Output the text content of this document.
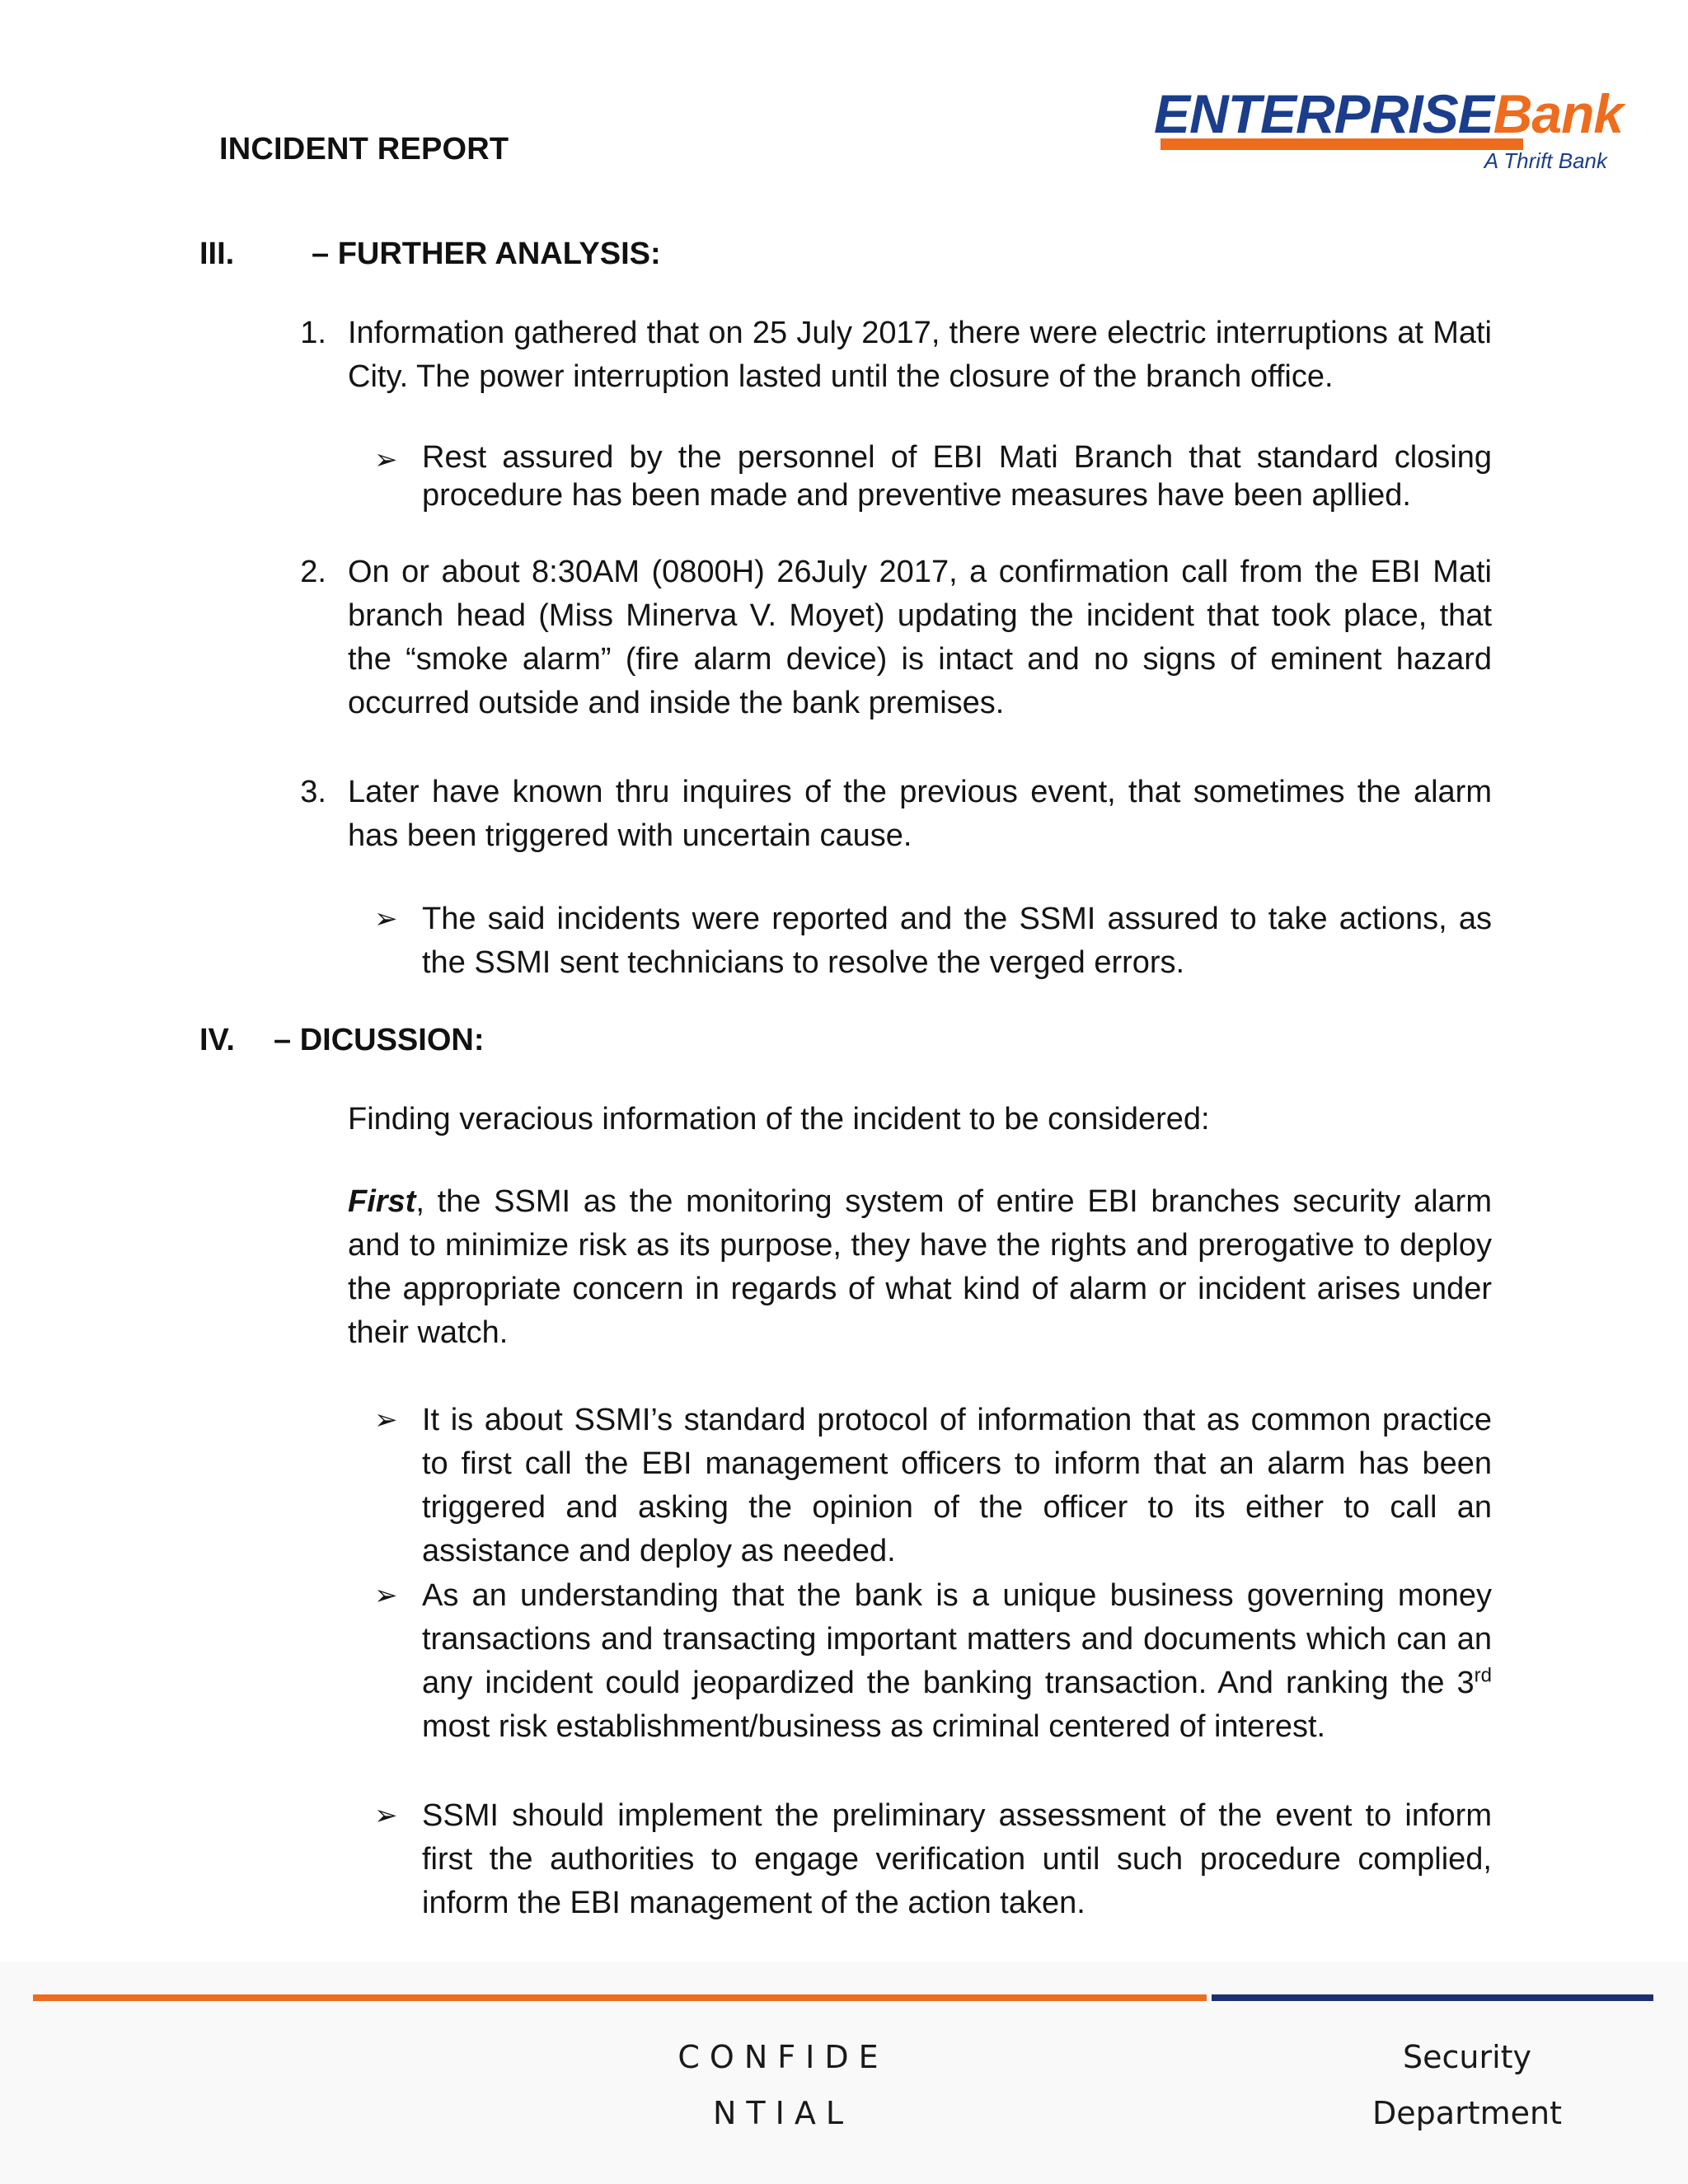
INCIDENT REPORT
ENTERPRISEBank
A Thrift Bank
III. – FURTHER ANALYSIS:
1. Information gathered that on 25 July 2017, there were electric interruptions at Mati City. The power interruption lasted until the closure of the branch office.
➢ Rest assured by the personnel of EBI Mati Branch that standard closing procedure has been made and preventive measures have been apllied.
2. On or about 8:30AM (0800H) 26July 2017, a confirmation call from the EBI Mati branch head (Miss Minerva V. Moyet) updating the incident that took place, that the “smoke alarm” (fire alarm device) is intact and no signs of eminent hazard occurred outside and inside the bank premises.
3. Later have known thru inquires of the previous event, that sometimes the alarm has been triggered with uncertain cause.
➢ The said incidents were reported and the SSMI assured to take actions, as the SSMI sent technicians to resolve the verged errors.
IV. – DICUSSION:
Finding veracious information of the incident to be considered:
First, the SSMI as the monitoring system of entire EBI branches security alarm and to minimize risk as its purpose, they have the rights and prerogative to deploy the appropriate concern in regards of what kind of alarm or incident arises under their watch.
➢ It is about SSMI’s standard protocol of information that as common practice to first call the EBI management officers to inform that an alarm has been triggered and asking the opinion of the officer to its either to call an assistance and deploy as needed.
➢ As an understanding that the bank is a unique business governing money transactions and transacting important matters and documents which can an any incident could jeopardized the banking transaction. And ranking the 3rd most risk establishment/business as criminal centered of interest.
➢ SSMI should implement the preliminary assessment of the event to inform first the authorities to engage verification until such procedure complied, inform the EBI management of the action taken.
CONFIDE
NTIAL
Security
Department
